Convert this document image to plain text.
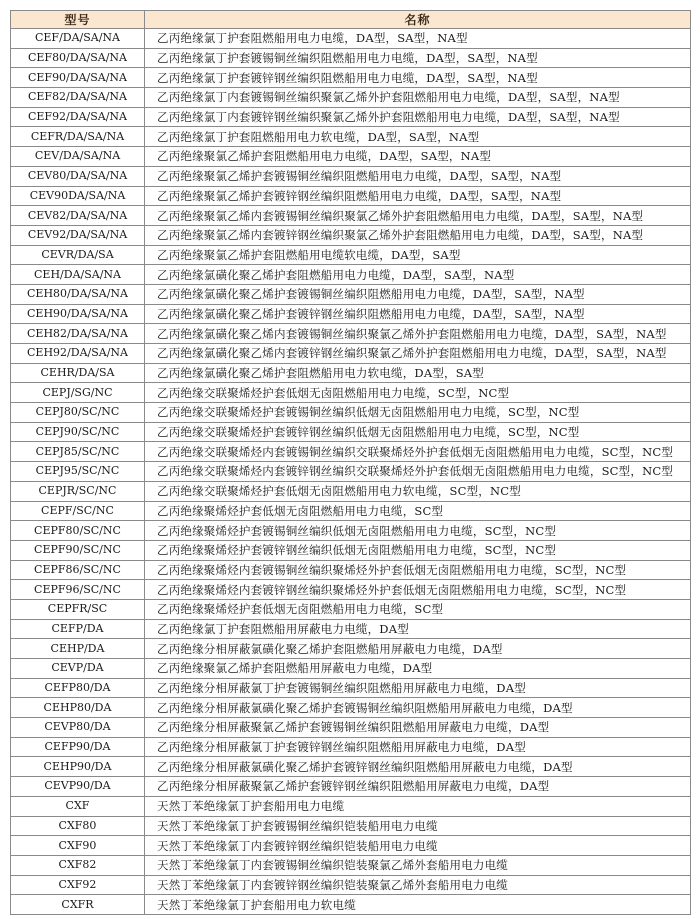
型号	名称
CEF/DA/SA/NA	乙丙绝缘氯丁护套阻燃船用电力电缆，DA型，SA型，NA型
CEF80/DA/SA/NA	乙丙绝缘氯丁护套镀锡铜丝编织阻燃船用电力电缆，DA型，SA型，NA型
CEF90/DA/SA/NA	乙丙绝缘氯丁护套镀锌钢丝编织阻燃船用电力电缆，DA型，SA型，NA型
CEF82/DA/SA/NA	乙丙绝缘氯丁内套镀锡铜丝编织聚氯乙烯外护套阻燃船用电力电缆，DA型，SA型，NA型
CEF92/DA/SA/NA	乙丙绝缘氯丁内套镀锌钢丝编织聚氯乙烯外护套阻燃船用电力电缆，DA型，SA型，NA型
CEFR/DA/SA/NA	乙丙绝缘氯丁护套阻燃船用电力软电缆，DA型，SA型，NA型
CEV/DA/SA/NA	乙丙绝缘聚氯乙烯护套阻燃船用电力电缆，DA型，SA型，NA型
CEV80/DA/SA/NA	乙丙绝缘聚氯乙烯护套镀锡铜丝编织阻燃船用电力电缆，DA型，SA型，NA型
CEV90DA/SA/NA	乙丙绝缘聚氯乙烯护套镀锌钢丝编织阻燃船用电力电缆，DA型，SA型，NA型
CEV82/DA/SA/NA	乙丙绝缘聚氯乙烯内套镀锡铜丝编织聚氯乙烯外护套阻燃船用电力电缆，DA型，SA型，NA型
CEV92/DA/SA/NA	乙丙绝缘聚氯乙烯内套镀锌钢丝编织聚氯乙烯外护套阻燃船用电力电缆，DA型，SA型，NA型
CEVR/DA/SA	乙丙绝缘聚氯乙烯护套阻燃船用电缆软电缆，DA型，SA型
CEH/DA/SA/NA	乙丙绝缘氯磺化聚乙烯护套阻燃船用电力电缆，DA型，SA型，NA型
CEH80/DA/SA/NA	乙丙绝缘氯磺化聚乙烯护套镀锡铜丝编织阻燃船用电力电缆，DA型，SA型，NA型
CEH90/DA/SA/NA	乙丙绝缘氯磺化聚乙烯护套镀锌钢丝编织阻燃船用电力电缆，DA型，SA型，NA型
CEH82/DA/SA/NA	乙丙绝缘氯磺化聚乙烯内套镀锡铜丝编织聚氯乙烯外护套阻燃船用电力电缆，DA型，SA型，NA型
CEH92/DA/SA/NA	乙丙绝缘氯磺化聚乙烯内套镀锌钢丝编织聚氯乙烯外护套阻燃船用电力电缆，DA型，SA型，NA型
CEHR/DA/SA	乙丙绝缘氯磺化聚乙烯护套阻燃船用电力软电缆，DA型，SA型
CEPJ/SG/NC	乙丙绝缘交联聚烯烃护套低烟无卤阻燃船用电力电缆，SC型，NC型
CEPJ80/SC/NC	乙丙绝缘交联聚烯烃护套镀锡铜丝编织低烟无卤阻燃船用电力电缆，SC型，NC型
CEPJ90/SC/NC	乙丙绝缘交联聚烯烃护套镀锌钢丝编织低烟无卤阻燃船用电力电缆，SC型，NC型
CEPJ85/SC/NC	乙丙绝缘交联聚烯烃内套镀锡铜丝编织交联聚烯烃外护套低烟无卤阻燃船用电力电缆，SC型，NC型
CEPJ95/SC/NC	乙丙绝缘交联聚烯烃内套镀锌钢丝编织交联聚烯烃外护套低烟无卤阻燃船用电力电缆，SC型，NC型
CEPJR/SC/NC	乙丙绝缘交联聚烯烃护套低烟无卤阻燃船用电力软电缆，SC型，NC型
CEPF/SC/NC	乙丙绝缘聚烯烃护套低烟无卤阻燃船用电力电缆，SC型
CEPF80/SC/NC	乙丙绝缘聚烯烃护套镀锡铜丝编织低烟无卤阻燃船用电力电缆，SC型，NC型
CEPF90/SC/NC	乙丙绝缘聚烯烃护套镀锌钢丝编织低烟无卤阻燃船用电力电缆，SC型，NC型
CEPF86/SC/NC	乙丙绝缘聚烯烃内套镀锡铜丝编织聚烯烃外护套低烟无卤阻燃船用电力电缆，SC型，NC型
CEPF96/SC/NC	乙丙绝缘聚烯烃内套镀锌钢丝编织聚烯烃外护套低烟无卤阻燃船用电力电缆，SC型，NC型
CEPFR/SC	乙丙绝缘聚烯烃护套低烟无卤阻燃船用电力电缆，SC型
CEFP/DA	乙丙绝缘氯丁护套阻燃船用屏蔽电力电缆，DA型
CEHP/DA	乙丙绝缘分相屏蔽氯磺化聚乙烯护套阻燃船用屏蔽电力电缆，DA型
CEVP/DA	乙丙绝缘聚氯乙烯护套阻燃船用屏蔽电力电缆，DA型
CEFP80/DA	乙丙绝缘分相屏蔽氯丁护套镀锡铜丝编织阻燃船用屏蔽电力电缆，DA型
CEHP80/DA	乙丙绝缘分相屏蔽氯磺化聚乙烯护套镀锡铜丝编织阻燃船用屏蔽电力电缆，DA型
CEVP80/DA	乙丙绝缘分相屏蔽聚氯乙烯护套镀锡铜丝编织阻燃船用屏蔽电力电缆，DA型
CEFP90/DA	乙丙绝缘分相屏蔽氯丁护套镀锌钢丝编织阻燃船用屏蔽电力电缆，DA型
CEHP90/DA	乙丙绝缘分相屏蔽氯磺化聚乙烯护套镀锌钢丝编织阻燃船用屏蔽电力电缆，DA型
CEVP90/DA	乙丙绝缘分相屏蔽聚氯乙烯护套镀锌钢丝编织阻燃船用屏蔽电力电缆，DA型
CXF	天然丁苯绝缘氯丁护套船用电力电缆
CXF80	天然丁苯绝缘氯丁护套镀锡铜丝编织铠装船用电力电缆
CXF90	天然丁苯绝缘氯丁内套镀锌钢丝编织铠装船用电力电缆
CXF82	天然丁苯绝缘氯丁内套镀锡铜丝编织铠装聚氯乙烯外套船用电力电缆
CXF92	天然丁苯绝缘氯丁内套镀锌钢丝编织铠装聚氯乙烯外套船用电力电缆
CXFR	天然丁苯绝缘氯丁护套船用电力软电缆
